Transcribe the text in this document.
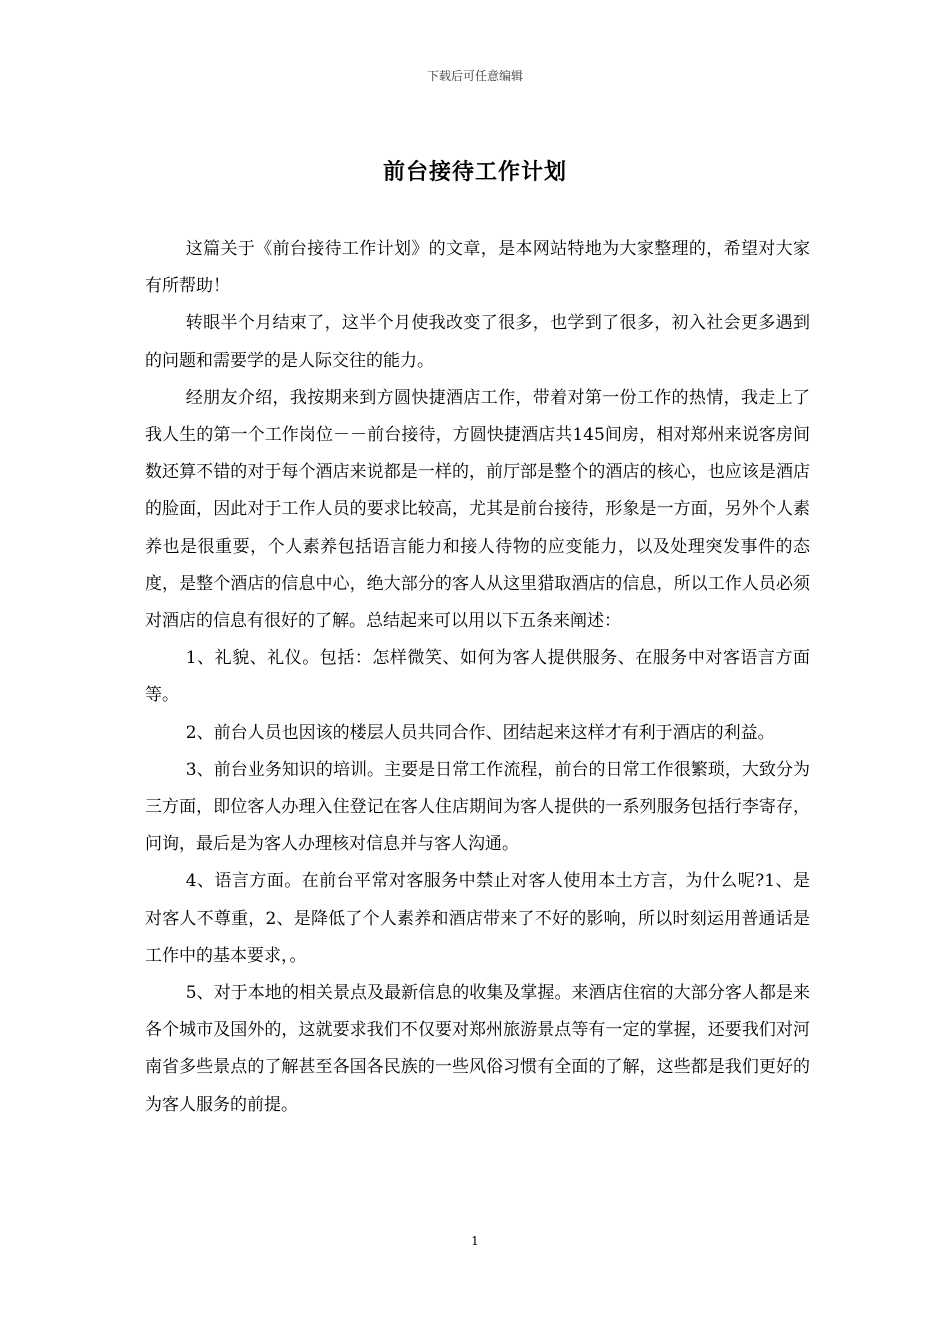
下载后可任意编辑
前台接待工作计划

这篇关于《前台接待工作计划》的文章，是本网站特地为大家整理的，希望对大家有所帮助！

转眼半个月结束了，这半个月使我改变了很多，也学到了很多，初入社会更多遇到的问题和需要学的是人际交往的能力。

经朋友介绍，我按期来到方圆快捷酒店工作，带着对第一份工作的热情，我走上了我人生的第一个工作岗位－－前台接待，方圆快捷酒店共145间房，相对郑州来说客房间数还算不错的对于每个酒店来说都是一样的，前厅部是整个的酒店的核心，也应该是酒店的脸面，因此对于工作人员的要求比较高，尤其是前台接待，形象是一方面，另外个人素养也是很重要，个人素养包括语言能力和接人待物的应变能力，以及处理突发事件的态度，是整个酒店的信息中心，绝大部分的客人从这里猎取酒店的信息，所以工作人员必须对酒店的信息有很好的了解。总结起来可以用以下五条来阐述：

1、礼貌、礼仪。包括：怎样微笑、如何为客人提供服务、在服务中对客语言方面等。

2、前台人员也因该的楼层人员共同合作、团结起来这样才有利于酒店的利益。

3、前台业务知识的培训。主要是日常工作流程，前台的日常工作很繁琐，大致分为三方面，即位客人办理入住登记在客人住店期间为客人提供的一系列服务包括行李寄存，问询，最后是为客人办理核对信息并与客人沟通。

4、语言方面。在前台平常对客服务中禁止对客人使用本土方言，为什么呢?1、是对客人不尊重，2、是降低了个人素养和酒店带来了不好的影响，所以时刻运用普通话是工作中的基本要求，。

5、对于本地的相关景点及最新信息的收集及掌握。来酒店住宿的大部分客人都是来各个城市及国外的，这就要求我们不仅要对郑州旅游景点等有一定的掌握，还要我们对河南省多些景点的了解甚至各国各民族的一些风俗习惯有全面的了解，这些都是我们更好的为客人服务的前提。

1
